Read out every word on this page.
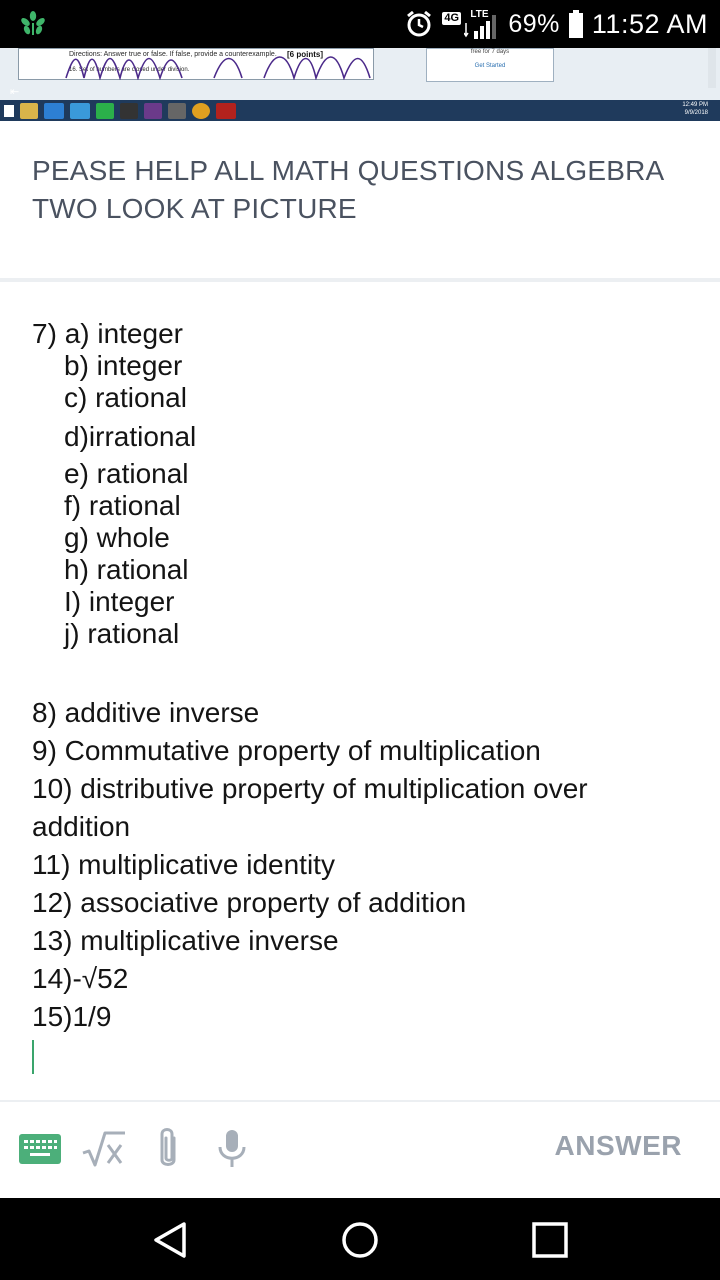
4G LTE 69% 11:52 AM
Directions: Answer true or false. If false, provide a counterexample. [6 points]
16. Set of numbers are closed under division.
free for 7 days
Get Started
⇤
12:49 PM
9/9/2018
PEASE HELP ALL MATH QUESTIONS ALGEBRA TWO LOOK AT PICTURE
7) a) integer
b) integer
c) rational
d)irrational
e) rational
f) rational
g) whole
h) rational
I) integer
j) rational
8) additive inverse
9) Commutative property of multiplication
10) distributive property of multiplication over
addition
11) multiplicative identity
12) associative property of addition
13) multiplicative inverse
14)-√52
15)1/9
ANSWER
